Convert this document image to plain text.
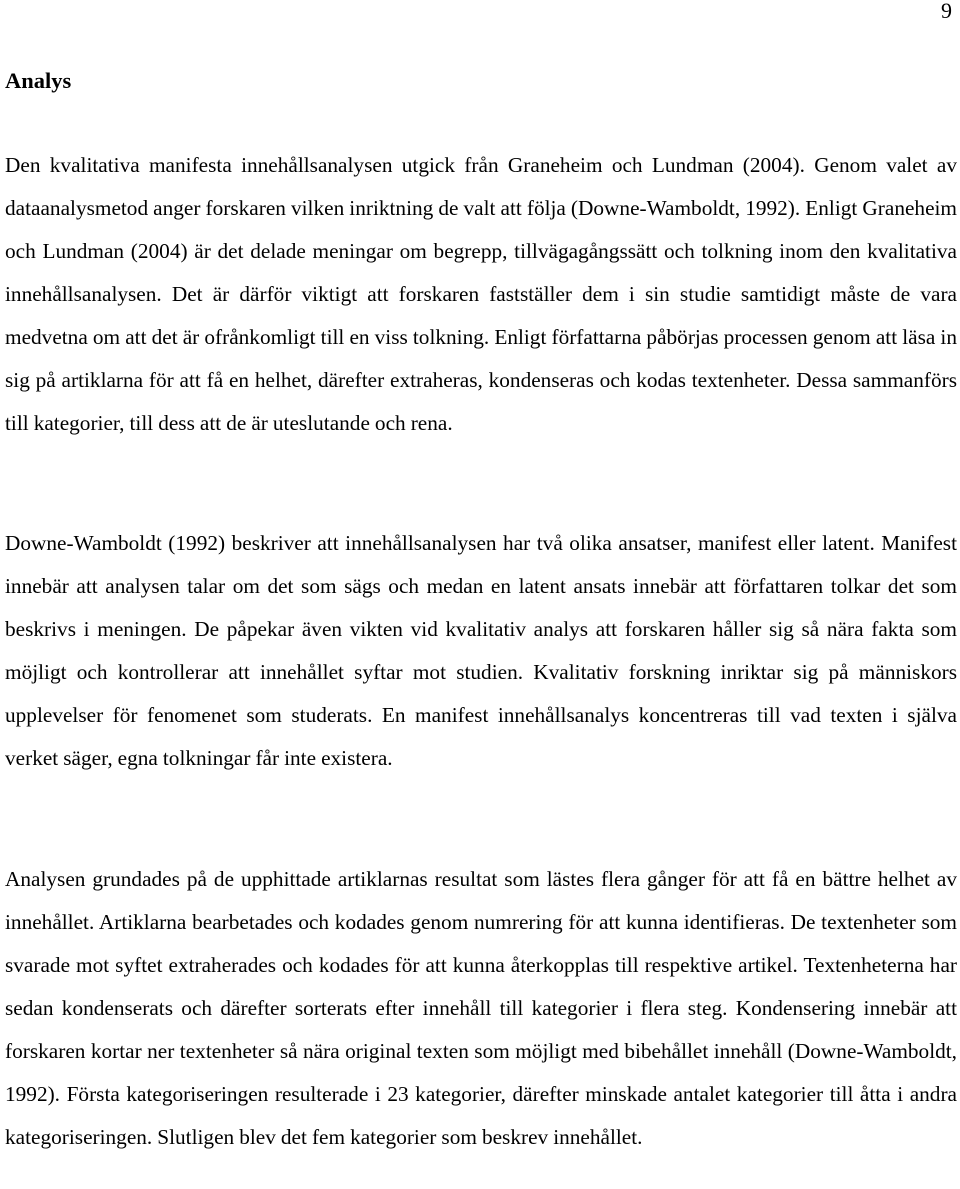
9
Analys

Den kvalitativa manifesta innehållsanalysen utgick från Graneheim och Lundman (2004). Genom valet av dataanalysmetod anger forskaren vilken inriktning de valt att följa (Downe-Wamboldt, 1992). Enligt Graneheim och Lundman (2004) är det delade meningar om begrepp, tillvägagångssätt och tolkning inom den kvalitativa innehållsanalysen. Det är därför viktigt att forskaren fastställer dem i sin studie samtidigt måste de vara medvetna om att det är ofrånkomligt till en viss tolkning. Enligt författarna påbörjas processen genom att läsa in sig på artiklarna för att få en helhet, därefter extraheras, kondenseras och kodas textenheter. Dessa sammanförs till kategorier, till dess att de är uteslutande och rena.

Downe-Wamboldt (1992) beskriver att innehållsanalysen har två olika ansatser, manifest eller latent. Manifest innebär att analysen talar om det som sägs och medan en latent ansats innebär att författaren tolkar det som beskrivs i meningen. De påpekar även vikten vid kvalitativ analys att forskaren håller sig så nära fakta som möjligt och kontrollerar att innehållet syftar mot studien. Kvalitativ forskning inriktar sig på människors upplevelser för fenomenet som studerats. En manifest innehållsanalys koncentreras till vad texten i själva verket säger, egna tolkningar får inte existera.

Analysen grundades på de upphittade artiklarnas resultat som lästes flera gånger för att få en bättre helhet av innehållet. Artiklarna bearbetades och kodades genom numrering för att kunna identifieras. De textenheter som svarade mot syftet extraherades och kodades för att kunna återkopplas till respektive artikel. Textenheterna har sedan kondenserats och därefter sorterats efter innehåll till kategorier i flera steg. Kondensering innebär att forskaren kortar ner textenheter så nära original texten som möjligt med bibehållet innehåll (Downe-Wamboldt, 1992). Första kategoriseringen resulterade i 23 kategorier, därefter minskade antalet kategorier till åtta i andra kategoriseringen. Slutligen blev det fem kategorier som beskrev innehållet.
